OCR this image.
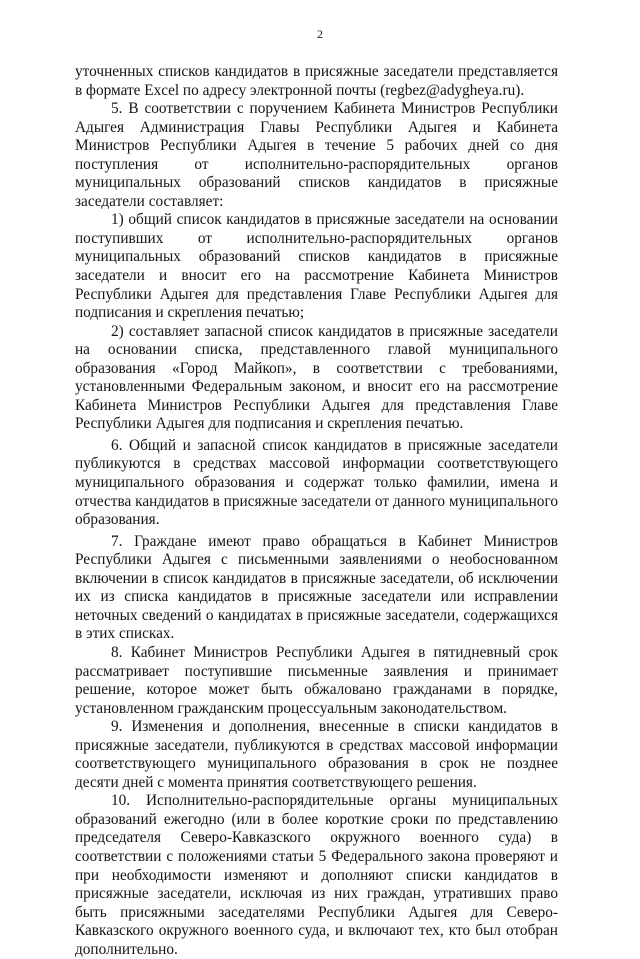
2

уточненных списков кандидатов в присяжные заседатели представляется в формате Excel по адресу электронной почты (regbez@adygheya.ru).

5. В соответствии с поручением Кабинета Министров Республики Адыгея Администрация Главы Республики Адыгея и Кабинета Министров Республики Адыгея в течение 5 рабочих дней со дня поступления от исполнительно-распорядительных органов муниципальных образований списков кандидатов в присяжные заседатели составляет:

1) общий список кандидатов в присяжные заседатели на основании поступивших от исполнительно-распорядительных органов муниципальных образований списков кандидатов в присяжные заседатели и вносит его на рассмотрение Кабинета Министров Республики Адыгея для представления Главе Республики Адыгея для подписания и скрепления печатью;

2) составляет запасной список кандидатов в присяжные заседатели на основании списка, представленного главой муниципального образования «Город Майкоп», в соответствии с требованиями, установленными Федеральным законом, и вносит его на рассмотрение Кабинета Министров Республики Адыгея для представления Главе Республики Адыгея для подписания и скрепления печатью.

6. Общий и запасной список кандидатов в присяжные заседатели публикуются в средствах массовой информации соответствующего муниципального образования и содержат только фамилии, имена и отчества кандидатов в присяжные заседатели от данного муниципального образования.

7. Граждане имеют право обращаться в Кабинет Министров Республики Адыгея с письменными заявлениями о необоснованном включении в список кандидатов в присяжные заседатели, об исключении их из списка кандидатов в присяжные заседатели или исправлении неточных сведений о кандидатах в присяжные заседатели, содержащихся в этих списках.

8. Кабинет Министров Республики Адыгея в пятидневный срок рассматривает поступившие письменные заявления и принимает решение, которое может быть обжаловано гражданами в порядке, установленном гражданским процессуальным законодательством.

9. Изменения и дополнения, внесенные в списки кандидатов в присяжные заседатели, публикуются в средствах массовой информации соответствующего муниципального образования в срок не позднее десяти дней с момента принятия соответствующего решения.

10. Исполнительно-распорядительные органы муниципальных образований ежегодно (или в более короткие сроки по представлению председателя Северо-Кавказского окружного военного суда) в соответствии с положениями статьи 5 Федерального закона проверяют и при необходимости изменяют и дополняют списки кандидатов в присяжные заседатели, исключая из них граждан, утративших право быть присяжными заседателями Республики Адыгея для Северо-Кавказского окружного военного суда, и включают тех, кто был отобран дополнительно.
